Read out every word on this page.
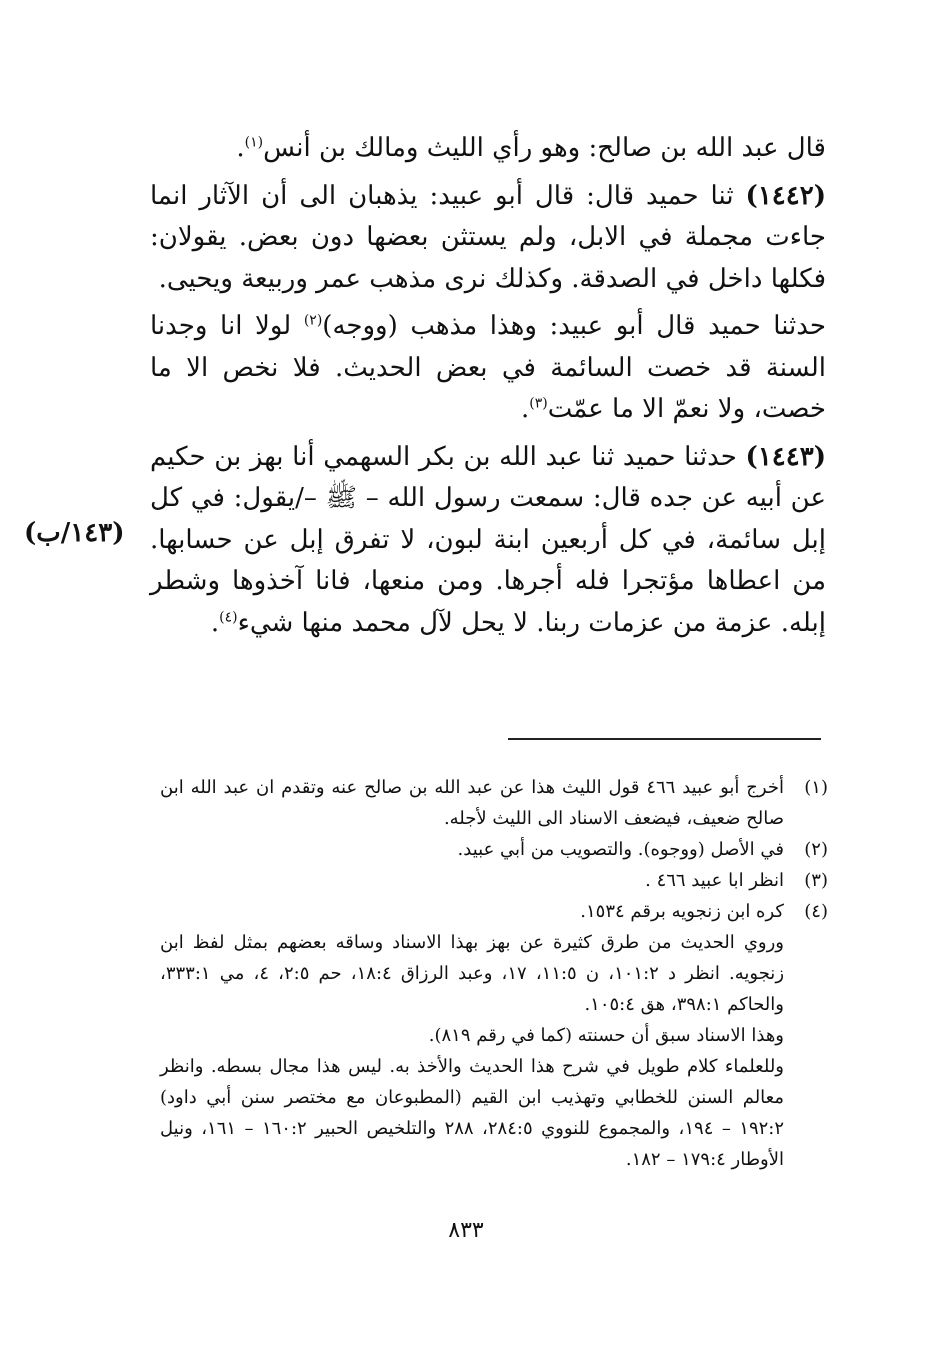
قال عبد الله بن صالح: وهو رأي الليث ومالك بن أنس$^{(١)}$.

(١٤٤٢) ثنا حميد قال: قال أبو عبيد: يذهبان الى أن الآثار انما جاءت مجملة في الابل، ولم يستثن بعضها دون بعض. يقولان: فكلها داخل في الصدقة. وكذلك نرى مذهب عمر وربيعة ويحيى.

حدثنا حميد قال أبو عبيد: وهذا مذهب (ووجه)$^{(٢)}$ لولا انا وجدنا السنة قد خصت السائمة في بعض الحديث. فلا نخص الا ما خصت، ولا نعمّ الا ما عمّت$^{(٣)}$.

(١٤٤٣) حدثنا حميد ثنا عبد الله بن بكر السهمي أنا بهز بن حكيم عن أبيه عن جده قال: سمعت رسول الله – ﷺ –/يقول: في كل إبل سائمة، في كل أربعين ابنة لبون، لا تفرق إبل عن حسابها. من اعطاها مؤتجرا فله أجرها. ومن منعها، فانا آخذوها وشطر إبله. عزمة من عزمات ربنا. لا يحل لآل محمد منها شيء$^{(٤)}$.

(١٤٣/ب)
(١)
أخرج أبو عبيد ٤٦٦ قول الليث هذا عن عبد الله بن صالح عنه وتقدم ان عبد الله ابن صالح ضعيف، فيضعف الاسناد الى الليث لأجله.
(٢)
في الأصل (ووجوه). والتصويب من أبي عبيد.
(٣)
انظر ابا عبيد ٤٦٦ .
(٤)
كره ابن زنجويه برقم ١٥٣٤.
وروي الحديث من طرق كثيرة عن بهز بهذا الاسناد وساقه بعضهم بمثل لفظ ابن زنجويه. انظر د ١٠١:٢، ن ١١:٥، ١٧، وعبد الرزاق ١٨:٤، حم ٢:٥، ٤، مي ٣٣٣:١، والحاكم ٣٩٨:١، هق ١٠٥:٤.
وهذا الاسناد سبق أن حسنته (كما في رقم ٨١٩).
وللعلماء كلام طويل في شرح هذا الحديث والأخذ به. ليس هذا مجال بسطه. وانظر معالم السنن للخطابي وتهذيب ابن القيم (المطبوعان مع مختصر سنن أبي داود) ١٩٢:٢ – ١٩٤، والمجموع للنووي ٢٨٤:٥، ٢٨٨ والتلخيص الحبير ١٦٠:٢ – ١٦١، ونيل الأوطار ١٧٩:٤ – ١٨٢.
٨٣٣
